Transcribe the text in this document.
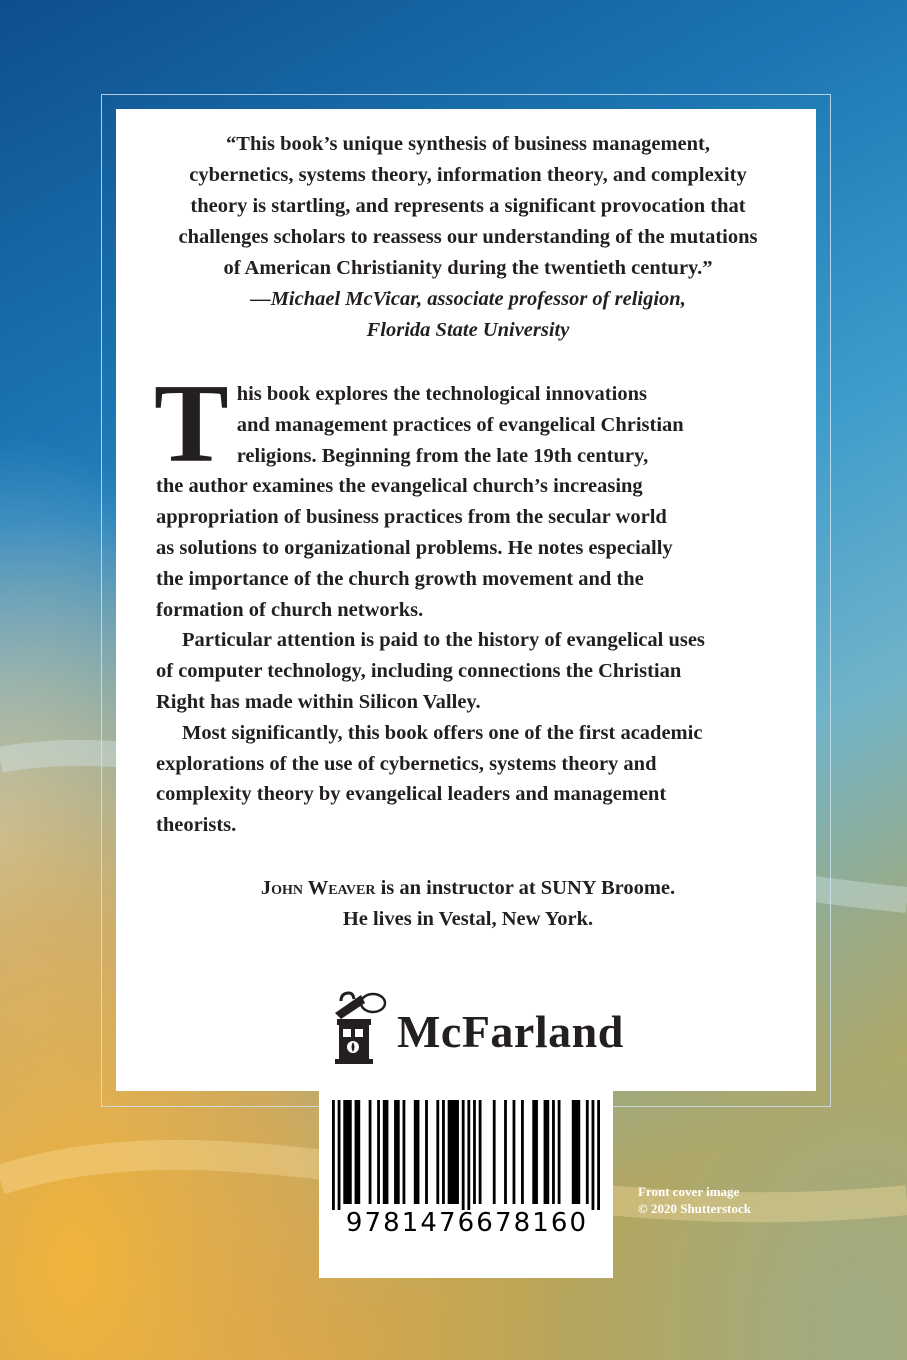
“This book’s unique synthesis of business management,

cybernetics, systems theory, information theory, and complexity

theory is startling, and represents a significant provocation that

challenges scholars to reassess our understanding of the mutations

of American Christianity during the twentieth century.”

—Michael McVicar, associate professor of religion,

Florida State University

T his book explores the technological innovations

and management practices of evangelical Christian

religions. Beginning from the late 19th century,

the author examines the evangelical church’s increasing

appropriation of business practices from the secular world

as solutions to organizational problems. He notes especially

the importance of the church growth movement and the

formation of church networks.

Particular attention is paid to the history of evangelical uses

of computer technology, including connections the Christian

Right has made within Silicon Valley.

Most significantly, this book offers one of the first academic

explorations of the use of cybernetics, systems theory and

complexity theory by evangelical leaders and management

theorists.

John Weaver is an instructor at SUNY Broome.
He lives in Vestal, New York.
McFarland
9781476678160
Front cover image
© 2020 Shutterstock
